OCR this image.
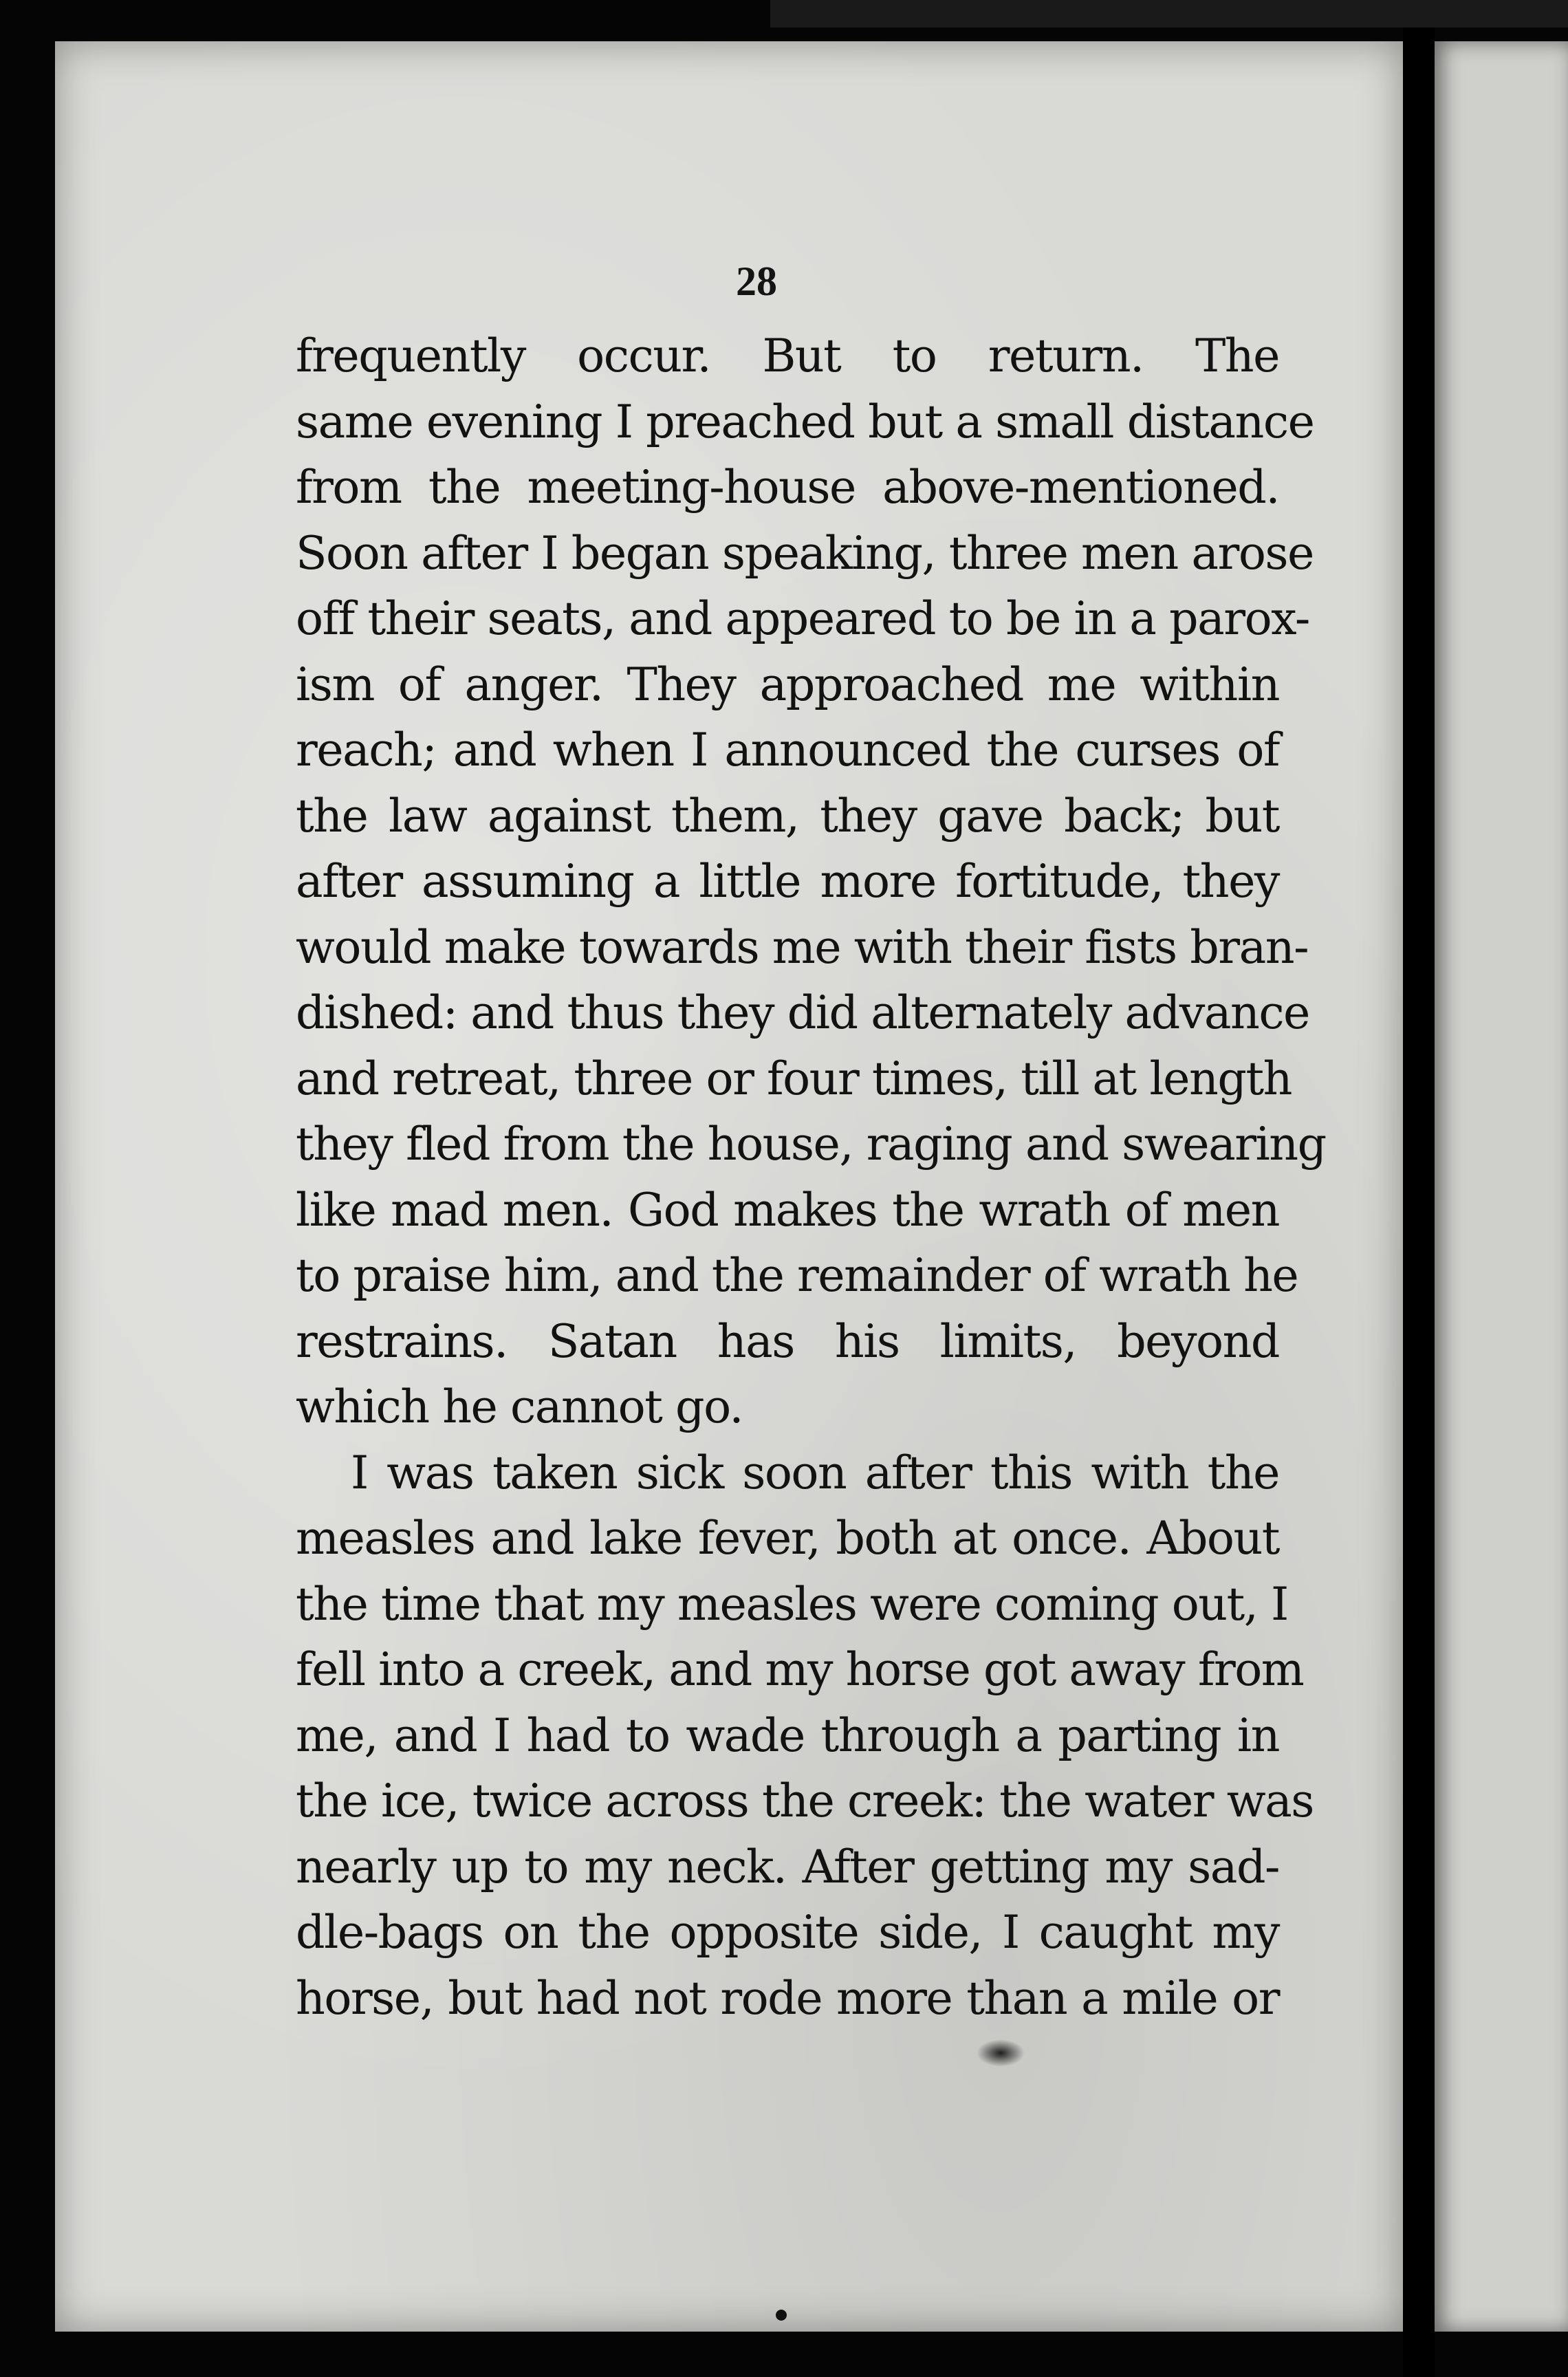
28
frequently occur. But to return. The
same evening I preached but a small distance
from the meeting-house above-mentioned.
Soon after I began speaking, three men arose
off their seats, and appeared to be in a parox-
ism of anger. They approached me within
reach; and when I announced the curses of
the law against them, they gave back; but
after assuming a little more fortitude, they
would make towards me with their fists bran-
dished: and thus they did alternately advance
and retreat, three or four times, till at length
they fled from the house, raging and swearing
like mad men. God makes the wrath of men
to praise him, and the remainder of wrath he
restrains. Satan has his limits, beyond
which he cannot go.
I was taken sick soon after this with the
measles and lake fever, both at once. About
the time that my measles were coming out, I
fell into a creek, and my horse got away from
me, and I had to wade through a parting in
the ice, twice across the creek: the water was
nearly up to my neck. After getting my sad-
dle-bags on the opposite side, I caught my
horse, but had not rode more than a mile or
